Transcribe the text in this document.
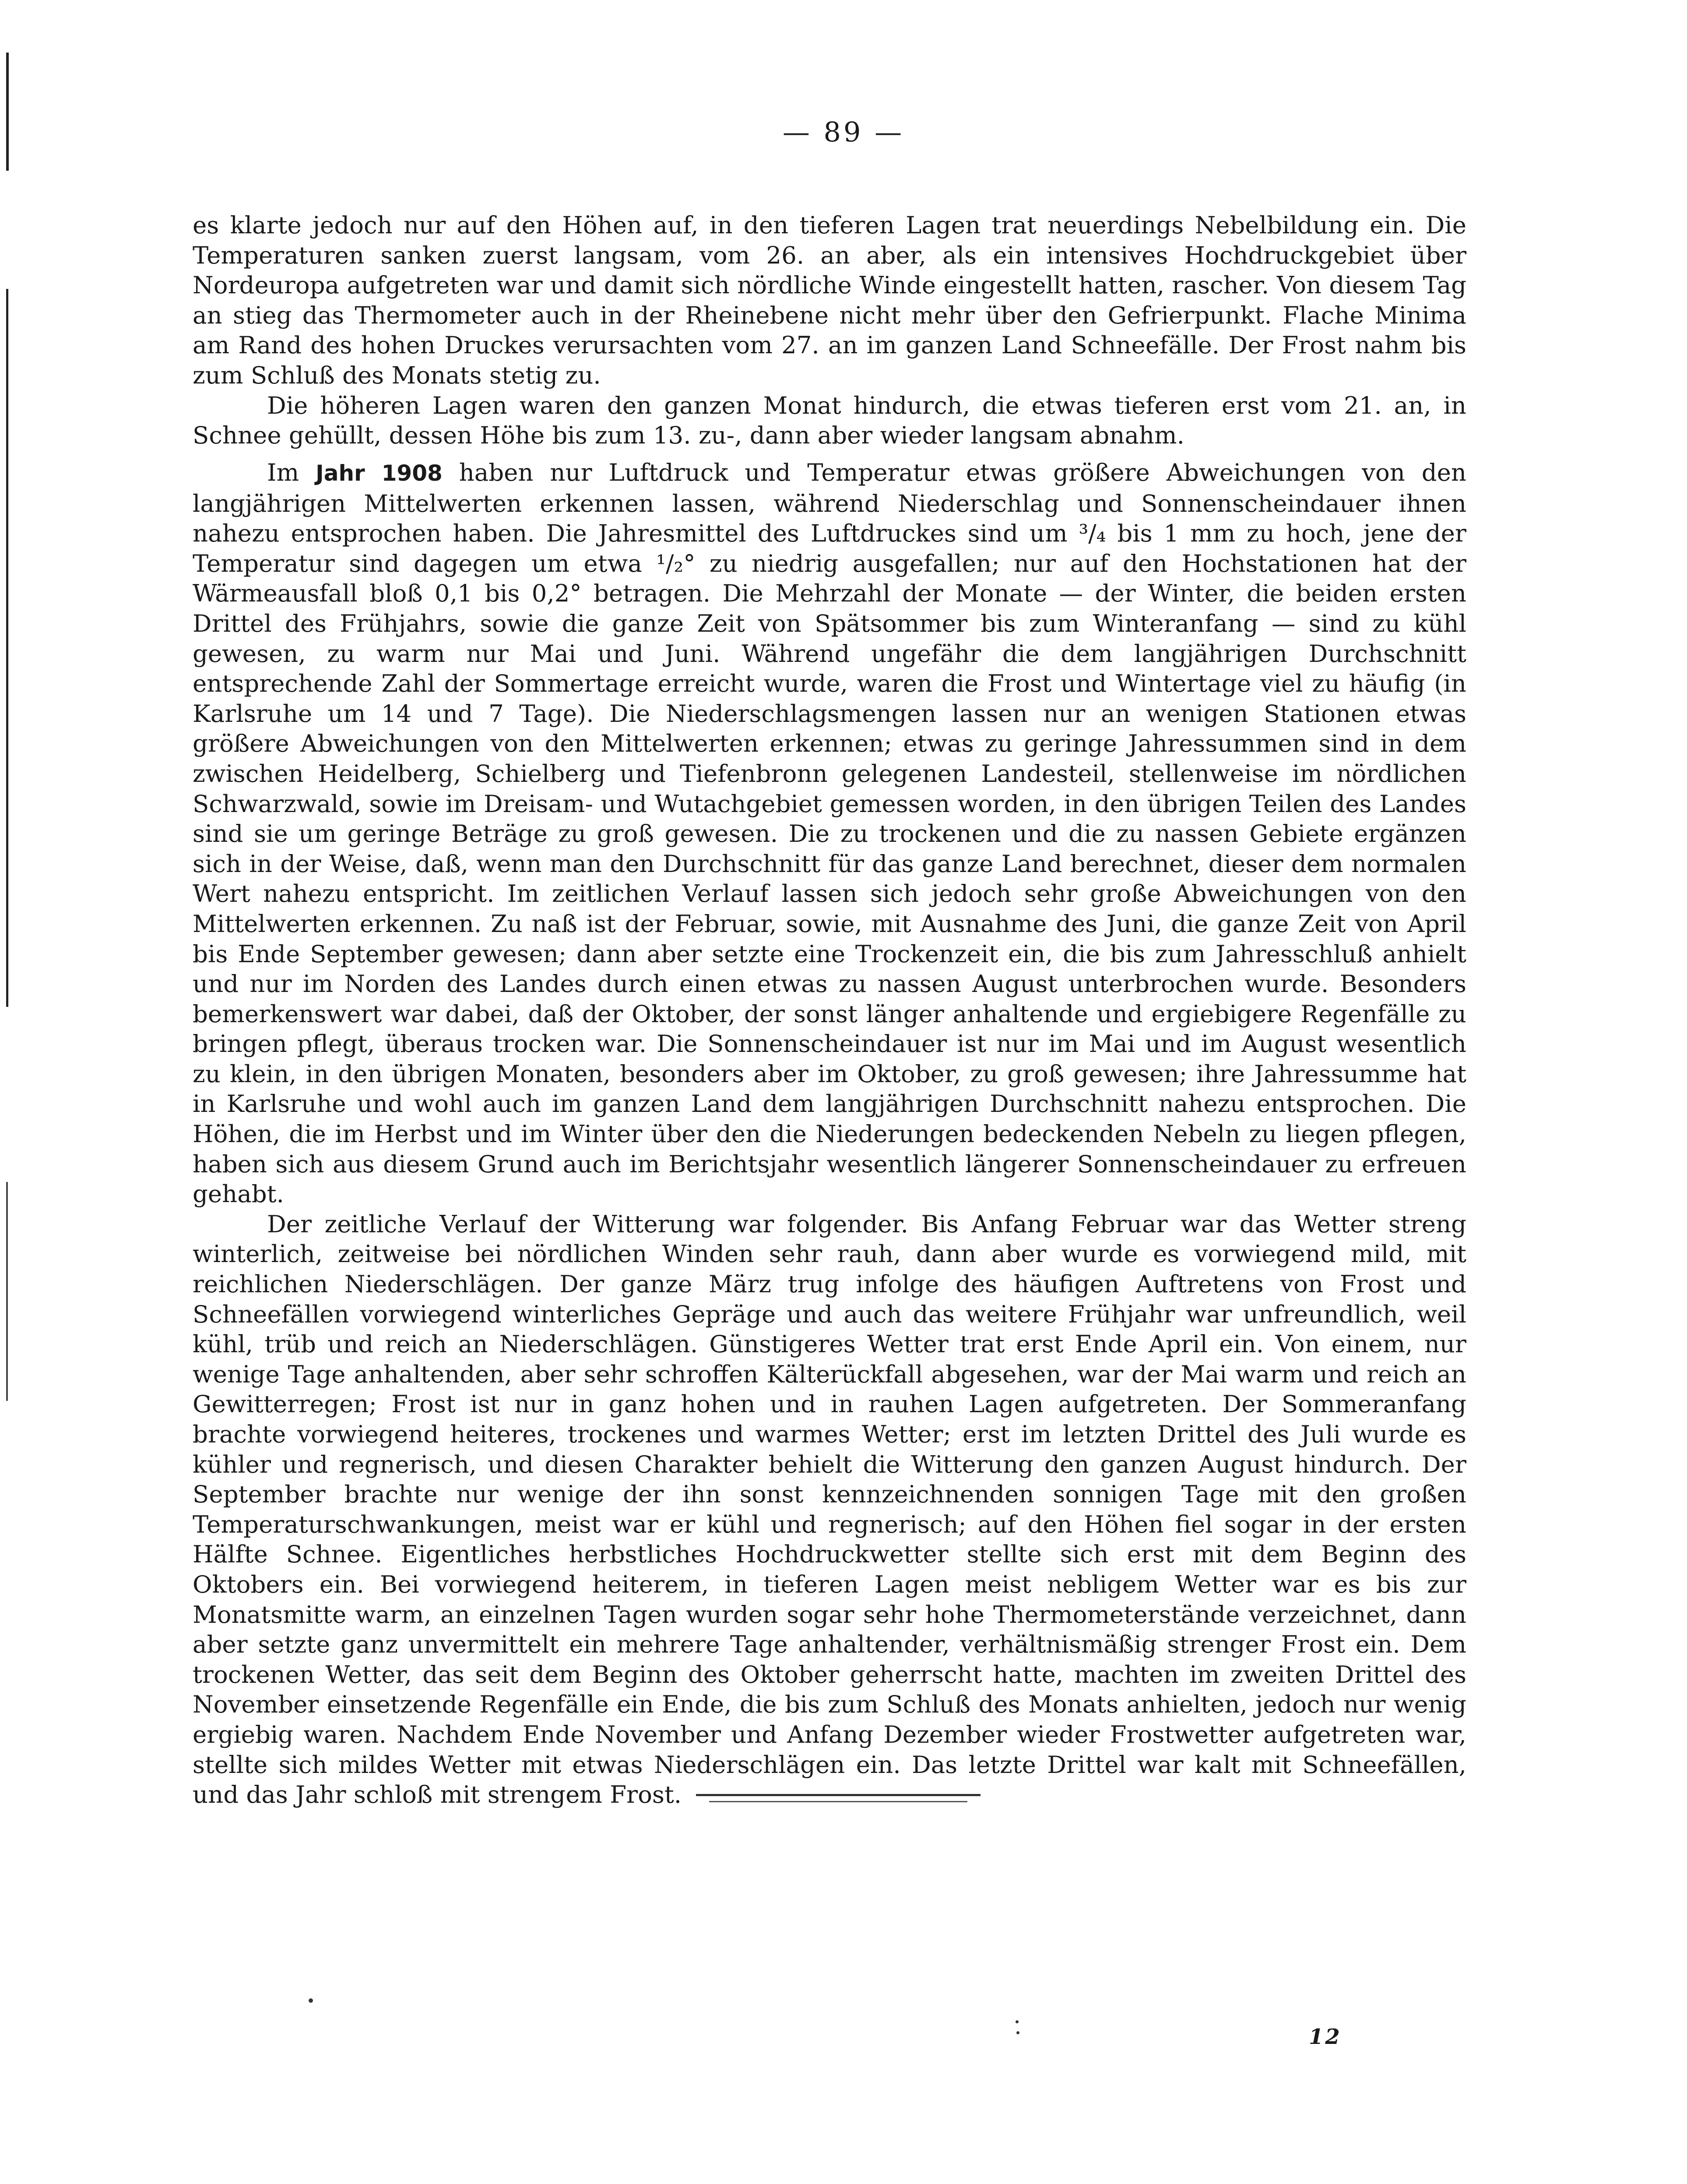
— 89 —

es klarte jedoch nur auf den Höhen auf, in den tieferen Lagen trat neuerdings Nebelbildung ein. Die Temperaturen sanken zuerst langsam, vom 26. an aber, als ein intensives Hochdruckgebiet über Nordeuropa aufgetreten war und damit sich nördliche Winde eingestellt hatten, rascher. Von diesem Tag an stieg das Thermometer auch in der Rheinebene nicht mehr über den Gefrierpunkt. Flache Minima am Rand des hohen Druckes verursachten vom 27. an im ganzen Land Schneefälle. Der Frost nahm bis zum Schluß des Monats stetig zu.

Die höheren Lagen waren den ganzen Monat hindurch, die etwas tieferen erst vom 21. an, in Schnee gehüllt, dessen Höhe bis zum 13. zu-, dann aber wieder langsam abnahm.

Im Jahr 1908 haben nur Luftdruck und Temperatur etwas größere Abweichungen von den langjährigen Mittelwerten erkennen lassen, während Niederschlag und Sonnenscheindauer ihnen nahezu entsprochen haben. Die Jahresmittel des Luftdruckes sind um ³/₄ bis 1 mm zu hoch, jene der Temperatur sind dagegen um etwa ¹/₂° zu niedrig ausgefallen; nur auf den Hochstationen hat der Wärmeausfall bloß 0,1 bis 0,2° betragen. Die Mehrzahl der Monate — der Winter, die beiden ersten Drittel des Frühjahrs, sowie die ganze Zeit von Spätsommer bis zum Winteranfang — sind zu kühl gewesen, zu warm nur Mai und Juni. Während ungefähr die dem langjährigen Durchschnitt entsprechende Zahl der Sommertage erreicht wurde, waren die Frost und Wintertage viel zu häufig (in Karlsruhe um 14 und 7 Tage). Die Niederschlagsmengen lassen nur an wenigen Stationen etwas größere Abweichungen von den Mittelwerten erkennen; etwas zu geringe Jahressummen sind in dem zwischen Heidelberg, Schielberg und Tiefenbronn gelegenen Landesteil, stellenweise im nördlichen Schwarzwald, sowie im Dreisam- und Wutachgebiet gemessen worden, in den übrigen Teilen des Landes sind sie um geringe Beträge zu groß gewesen. Die zu trockenen und die zu nassen Gebiete ergänzen sich in der Weise, daß, wenn man den Durchschnitt für das ganze Land berechnet, dieser dem normalen Wert nahezu entspricht. Im zeitlichen Verlauf lassen sich jedoch sehr große Abweichungen von den Mittelwerten erkennen. Zu naß ist der Februar, sowie, mit Ausnahme des Juni, die ganze Zeit von April bis Ende September gewesen; dann aber setzte eine Trockenzeit ein, die bis zum Jahresschluß anhielt und nur im Norden des Landes durch einen etwas zu nassen August unterbrochen wurde. Besonders bemerkenswert war dabei, daß der Oktober, der sonst länger anhaltende und ergiebigere Regenfälle zu bringen pflegt, überaus trocken war. Die Sonnenscheindauer ist nur im Mai und im August wesentlich zu klein, in den übrigen Monaten, besonders aber im Oktober, zu groß gewesen; ihre Jahressumme hat in Karlsruhe und wohl auch im ganzen Land dem langjährigen Durchschnitt nahezu entsprochen. Die Höhen, die im Herbst und im Winter über den die Niederungen bedeckenden Nebeln zu liegen pflegen, haben sich aus diesem Grund auch im Berichtsjahr wesentlich längerer Sonnenscheindauer zu erfreuen gehabt.

Der zeitliche Verlauf der Witterung war folgender. Bis Anfang Februar war das Wetter streng winterlich, zeitweise bei nördlichen Winden sehr rauh, dann aber wurde es vorwiegend mild, mit reichlichen Niederschlägen. Der ganze März trug infolge des häufigen Auftretens von Frost und Schneefällen vorwiegend winterliches Gepräge und auch das weitere Frühjahr war unfreundlich, weil kühl, trüb und reich an Niederschlägen. Günstigeres Wetter trat erst Ende April ein. Von einem, nur wenige Tage anhaltenden, aber sehr schroffen Kälterückfall abgesehen, war der Mai warm und reich an Gewitterregen; Frost ist nur in ganz hohen und in rauhen Lagen aufgetreten. Der Sommeranfang brachte vorwiegend heiteres, trockenes und warmes Wetter; erst im letzten Drittel des Juli wurde es kühler und regnerisch, und diesen Charakter behielt die Witterung den ganzen August hindurch. Der September brachte nur wenige der ihn sonst kennzeichnenden sonnigen Tage mit den großen Temperaturschwankungen, meist war er kühl und regnerisch; auf den Höhen fiel sogar in der ersten Hälfte Schnee. Eigentliches herbstliches Hochdruckwetter stellte sich erst mit dem Beginn des Oktobers ein. Bei vorwiegend heiterem, in tieferen Lagen meist nebligem Wetter war es bis zur Monatsmitte warm, an einzelnen Tagen wurden sogar sehr hohe Thermometerstände verzeichnet, dann aber setzte ganz unvermittelt ein mehrere Tage anhaltender, verhältnismäßig strenger Frost ein. Dem trockenen Wetter, das seit dem Beginn des Oktober geherrscht hatte, machten im zweiten Drittel des November einsetzende Regenfälle ein Ende, die bis zum Schluß des Monats anhielten, jedoch nur wenig ergiebig waren. Nachdem Ende November und Anfang Dezember wieder Frostwetter aufgetreten war, stellte sich mildes Wetter mit etwas Niederschlägen ein. Das letzte Drittel war kalt mit Schneefällen, und das Jahr schloß mit strengem Frost.

12
